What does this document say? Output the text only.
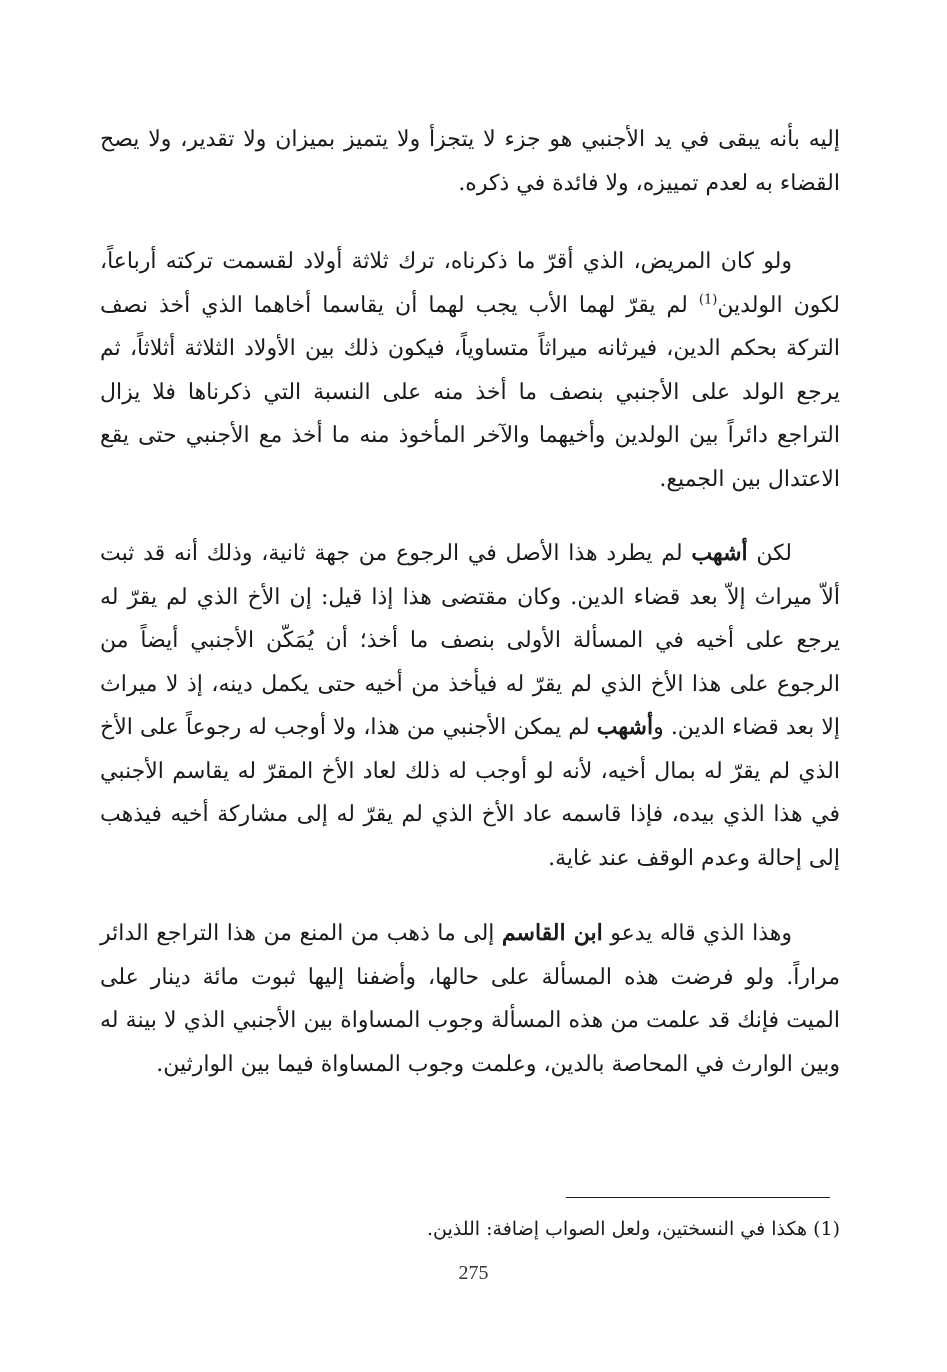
إليه بأنه يبقى في يد الأجنبي هو جزء لا يتجزأ ولا يتميز بميزان ولا تقدير، ولا يصح القضاء به لعدم تمييزه، ولا فائدة في ذكره.

ولو كان المريض، الذي أقرّ ما ذكرناه، ترك ثلاثة أولاد لقسمت تركته أرباعاً، لكون الولدين$^{(1)}$ لم يقرّ لهما الأب يجب لهما أن يقاسما أخاهما الذي أخذ نصف التركة بحكم الدين، فيرثانه ميراثاً متساوياً، فيكون ذلك بين الأولاد الثلاثة أثلاثاً، ثم يرجع الولد على الأجنبي بنصف ما أخذ منه على النسبة التي ذكرناها فلا يزال التراجع دائراً بين الولدين وأخيهما والآخر المأخوذ منه ما أخذ مع الأجنبي حتى يقع الاعتدال بين الجميع.

لكن أشهب لم يطرد هذا الأصل في الرجوع من جهة ثانية، وذلك أنه قد ثبت ألاّ ميراث إلاّ بعد قضاء الدين. وكان مقتضى هذا إذا قيل: إن الأخ الذي لم يقرّ له يرجع على أخيه في المسألة الأولى بنصف ما أخذ؛ أن يُمَكّن الأجنبي أيضاً من الرجوع على هذا الأخ الذي لم يقرّ له فيأخذ من أخيه حتى يكمل دينه، إذ لا ميراث إلا بعد قضاء الدين. وأشهب لم يمكن الأجنبي من هذا، ولا أوجب له رجوعاً على الأخ الذي لم يقرّ له بمال أخيه، لأنه لو أوجب له ذلك لعاد الأخ المقرّ له يقاسم الأجنبي في هذا الذي بيده، فإذا قاسمه عاد الأخ الذي لم يقرّ له إلى مشاركة أخيه فيذهب إلى إحالة وعدم الوقف عند غاية.

وهذا الذي قاله يدعو ابن القاسم إلى ما ذهب من المنع من هذا التراجع الدائر مراراً. ولو فرضت هذه المسألة على حالها، وأضفنا إليها ثبوت مائة دينار على الميت فإنك قد علمت من هذه المسألة وجوب المساواة بين الأجنبي الذي لا بينة له وبين الوارث في المحاصة بالدين، وعلمت وجوب المساواة فيما بين الوارثين.

(1) هكذا في النسختين، ولعل الصواب إضافة: اللذين.
275
